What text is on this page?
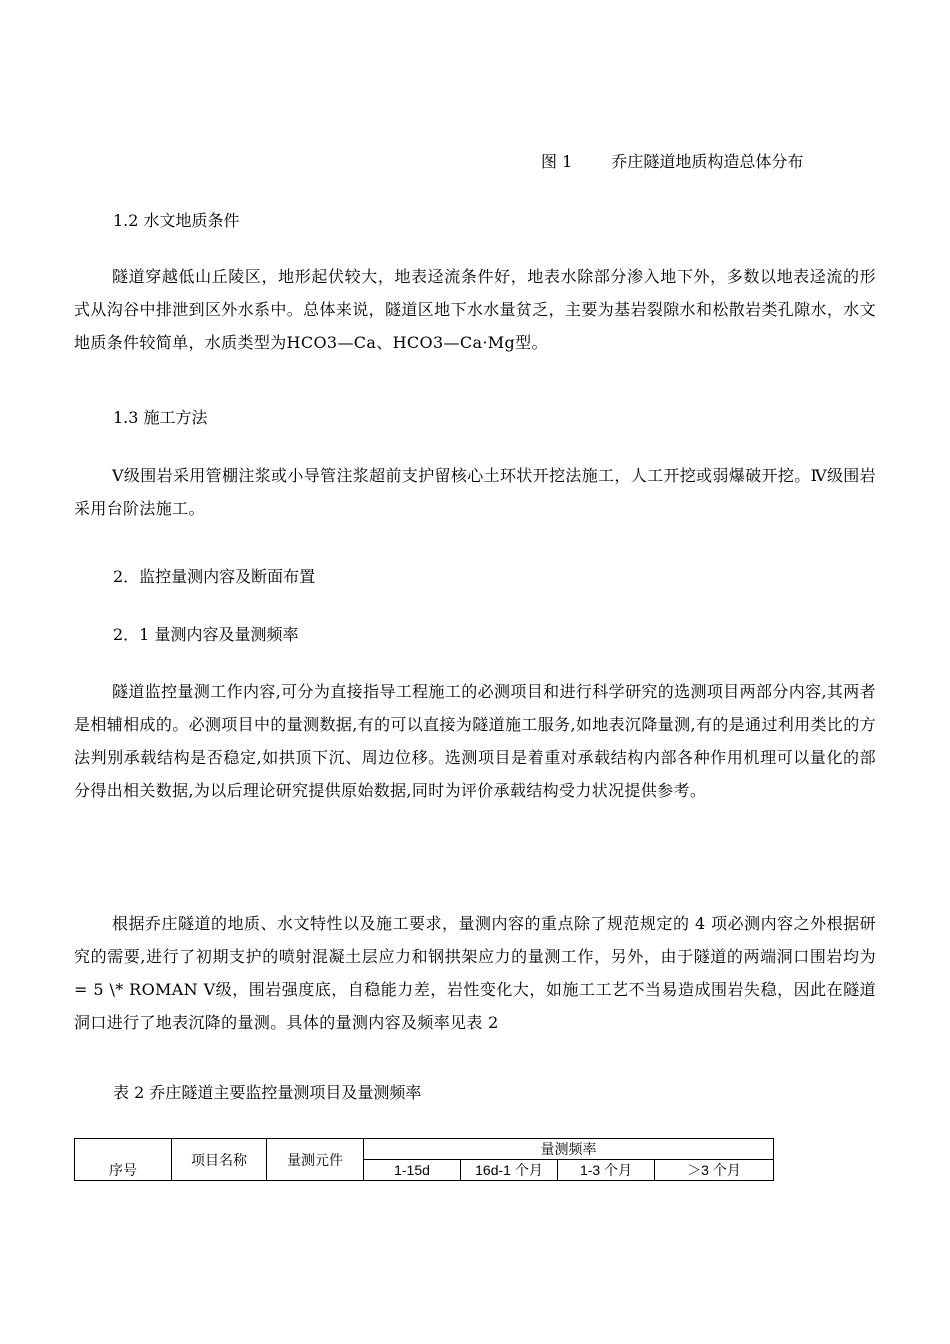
图 1 乔庄隧道地质构造总体分布
1.2 水文地质条件
隧道穿越低山丘陵区，地形起伏较大，地表迳流条件好，地表水除部分渗入地下外，多数以地表迳流的形式从沟谷中排泄到区外水系中。总体来说，隧道区地下水水量贫乏，主要为基岩裂隙水和松散岩类孔隙水，水文地质条件较简单，水质类型为HCO3—Ca、HCO3—Ca·Mg型。
1.3 施工方法
Ⅴ级围岩采用管棚注浆或小导管注浆超前支护留核心土环状开挖法施工，人工开挖或弱爆破开挖。Ⅳ级围岩采用台阶法施工。
2．监控量测内容及断面布置
2．1 量测内容及量测频率
隧道监控量测工作内容,可分为直接指导工程施工的必测项目和进行科学研究的选测项目两部分内容,其两者是相辅相成的。必测项目中的量测数据,有的可以直接为隧道施工服务,如地表沉降量测,有的是通过利用类比的方法判别承载结构是否稳定,如拱顶下沉、周边位移。选测项目是着重对承载结构内部各种作用机理可以量化的部分得出相关数据,为以后理论研究提供原始数据,同时为评价承载结构受力状况提供参考。
根据乔庄隧道的地质、水文特性以及施工要求，量测内容的重点除了规范规定的 4 项必测内容之外根据研究的需要,进行了初期支护的喷射混凝土层应力和钢拱架应力的量测工作，另外，由于隧道的两端洞口围岩均为 = 5 \* ROMAN Ⅴ级，围岩强度底，自稳能力差，岩性变化大，如施工工艺不当易造成围岩失稳，因此在隧道洞口进行了地表沉降的量测。具体的量测内容及频率见表 2
表 2 乔庄隧道主要监控量测项目及量测频率
序号	项目名称	量测元件	量测频率			
			1-15d	16d-1 个月	1-3 个月	＞3 个月
